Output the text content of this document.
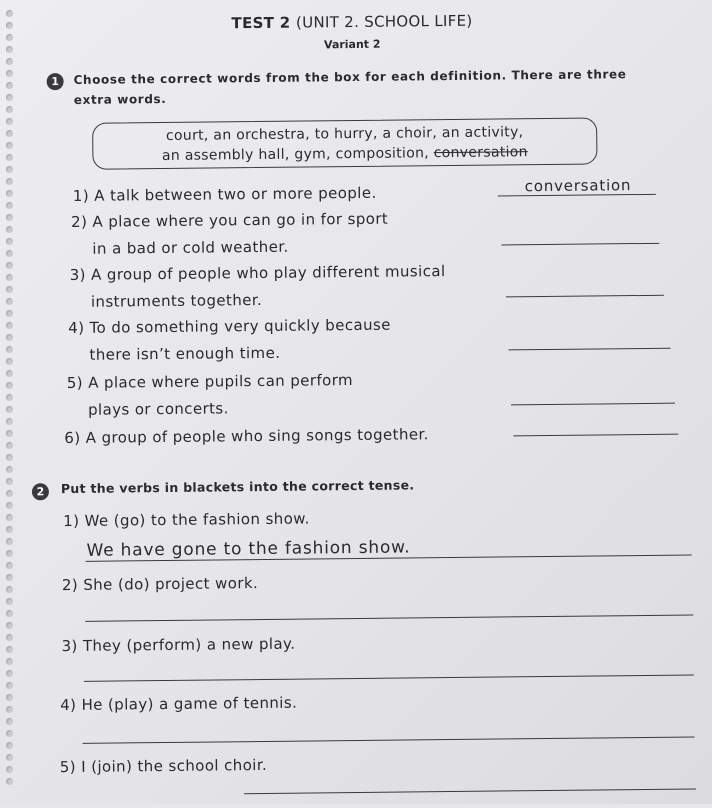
TEST 2 (UNIT 2. SCHOOL LIFE)
Variant 2
1	Choose the correct words from the box for each definition. There are three
extra words.
court, an orchestra, to hurry, a choir, an activity,
an assembly hall, gym, composition, conversation
1) A talk between two or more people.	conversation
2) A place where you can go in for sport
in a bad or cold weather.
3) A group of people who play different musical
instruments together.
4) To do something very quickly because
there isn’t enough time.
5) A place where pupils can perform
plays or concerts.
6) A group of people who sing songs together.
2	Put the verbs in blackets into the correct tense.
1) We (go) to the fashion show.
We have gone to the fashion show.
2) She (do) project work.
3) They (perform) a new play.
4) He (play) a game of tennis.
5) I (join) the school choir.
